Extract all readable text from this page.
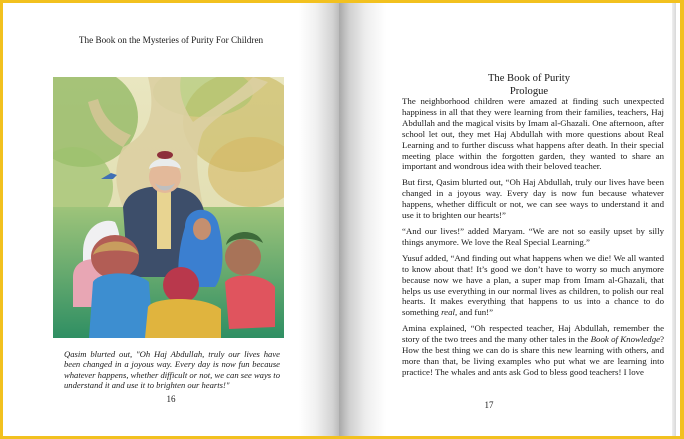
The Book on the Mysteries of Purity For Children
Qasim blurted out, "Oh Haj Abdullah, truly our lives have been changed in a joyous way. Every day is now fun because whatever happens, whether difficult or not, we can see ways to understand it and use it to brighten our hearts!"
16
The Book of Purity
Prologue

The neighborhood children were amazed at finding such unexpected happiness in all that they were learning from their families, teachers, Haj Abdullah and the magical visits by Imam al-Ghazali. One afternoon, after school let out, they met Haj Abdullah with more questions about Real Learning and to further discuss what happens after death. In their special meeting place within the forgotten garden, they wanted to share an important and wondrous idea with their beloved teacher.

But first, Qasim blurted out, “Oh Haj Abdullah, truly our lives have been changed in a joyous way. Every day is now fun because whatever happens, whether difficult or not, we can see ways to understand it and use it to brighten our hearts!”

“And our lives!” added Maryam. “We are not so easily upset by silly things anymore. We love the Real Special Learning.”

Yusuf added, “And finding out what happens when we die! We all wanted to know about that! It’s good we don’t have to worry so much anymore because now we have a plan, a super map from Imam al-Ghazali, that helps us use everything in our normal lives as children, to polish our real hearts. It makes everything that happens to us into a chance to do something real, and fun!”

Amina explained, “Oh respected teacher, Haj Abdullah, remember the story of the two trees and the many other tales in the Book of Knowledge? How the best thing we can do is share this new learning with others, and more than that, be living examples who put what we are learning into practice! The whales and ants ask God to bless good teachers! I love

17
